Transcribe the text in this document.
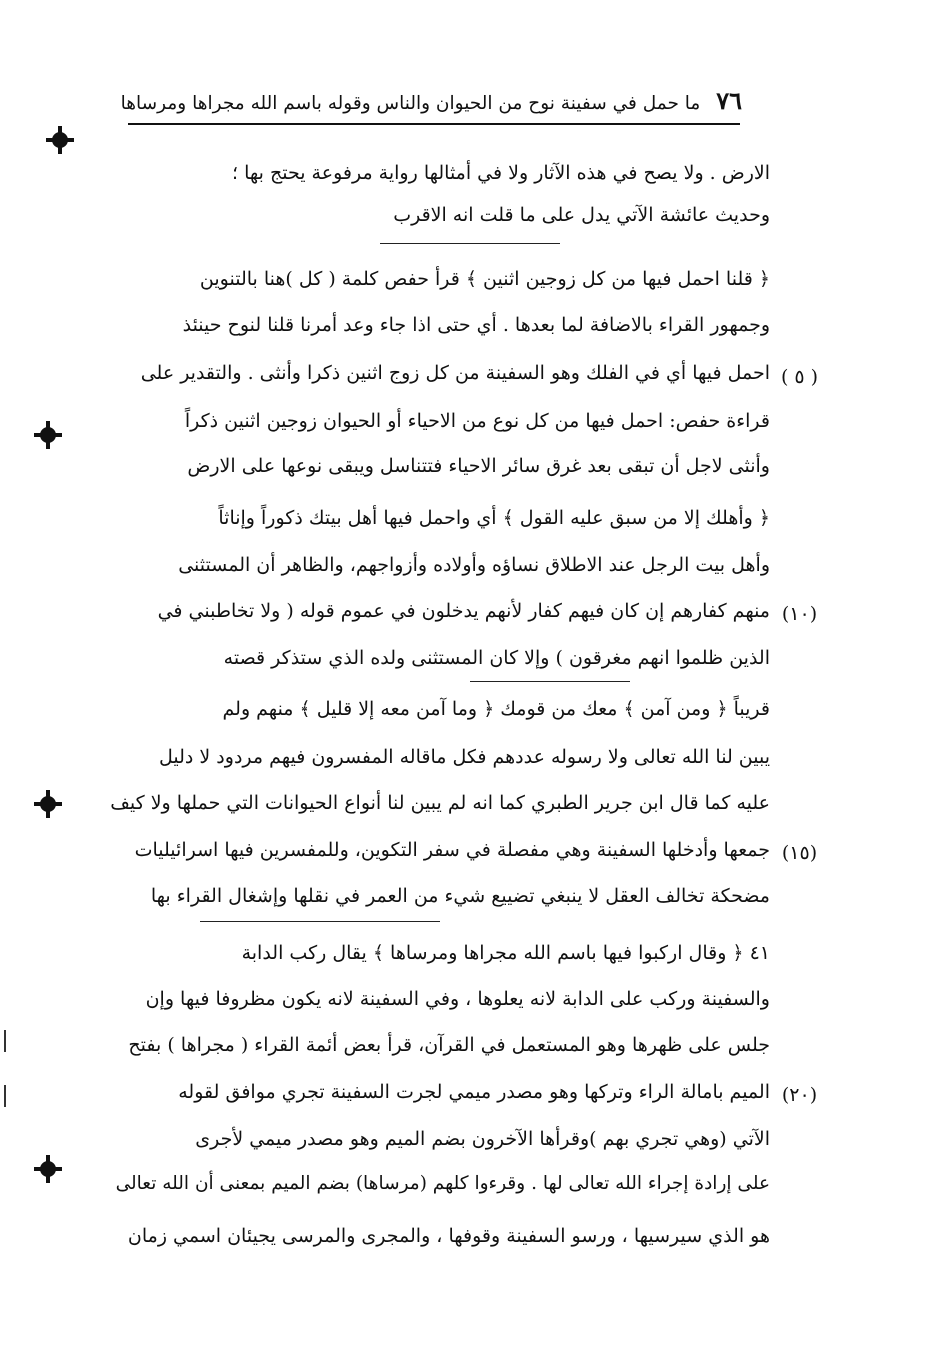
٧٦ ما حمل في سفينة نوح من الحيوان والناس وقوله باسم الله مجراها ومرساها
الارض . ولا يصح في هذه الآثار ولا في أمثالها رواية مرفوعة يحتج بها ؛
وحديث عائشة الآتي يدل على ما قلت انه الاقرب
﴿ قلنا احمل فيها من كل زوجين اثنين ﴾ قرأ حفص كلمة ( كل )هنا بالتنوين
وجمهور القراء بالاضافة لما بعدها . أي حتى اذا جاء وعد أمرنا قلنا لنوح حينئذ
احمل فيها أي في الفلك وهو السفينة من كل زوج اثنين ذكرا وأنثى . والتقدير على ( ٥ )
قراءة حفص: احمل فيها من كل نوع من الاحياء أو الحيوان زوجين اثنين ذكراً
وأنثى لاجل أن تبقى بعد غرق سائر الاحياء فتتناسل ويبقى نوعها على الارض
﴿ وأهلك إلا من سبق عليه القول ﴾ أي واحمل فيها أهل بيتك ذكوراً وإناثاً
وأهل بيت الرجل عند الاطلاق نساؤه وأولاده وأزواجهم، والظاهر أن المستثنى
منهم كفارهم إن كان فيهم كفار لأنهم يدخلون في عموم قوله ( ولا تخاطبني في (١٠)
الذين ظلموا انهم مغرقون ) وإلا كان المستثنى ولده الذي ستذكر قصته
قريباً ﴿ ومن آمن ﴾ معك من قومك ﴿ وما آمن معه إلا قليل ﴾ منهم ولم
يبين لنا الله تعالى ولا رسوله عددهم فكل ماقاله المفسرون فيهم مردود لا دليل
عليه كما قال ابن جرير الطبري كما انه لم يبين لنا أنواع الحيوانات التي حملها ولا كيف
جمعها وأدخلها السفينة وهي مفصلة في سفر التكوين، وللمفسرين فيها اسرائيليات (١٥)
مضحكة تخالف العقل لا ينبغي تضييع شيء من العمر في نقلها وإشغال القراء بها
٤١ ﴿ وقال اركبوا فيها باسم الله مجراها ومرساها ﴾ يقال ركب الدابة
والسفينة وركب على الدابة لانه يعلوها ، وفي السفينة لانه يكون مظروفا فيها وإن
جلس على ظهرها وهو المستعمل في القرآن، قرأ بعض أئمة القراء ( مجراها ) بفتح
الميم بامالة الراء وتركها وهو مصدر ميمي لجرت السفينة تجري موافق لقوله (٢٠)
الآتي (وهي تجري بهم )وقرأها الآخرون بضم الميم وهو مصدر ميمي لأجرى
على إرادة إجراء الله تعالى لها . وقرءوا كلهم (مرساها) بضم الميم بمعنى أن الله تعالى
هو الذي سيرسيها ، ورسو السفينة وقوفها ، والمجرى والمرسى يجيئان اسمي زمان
